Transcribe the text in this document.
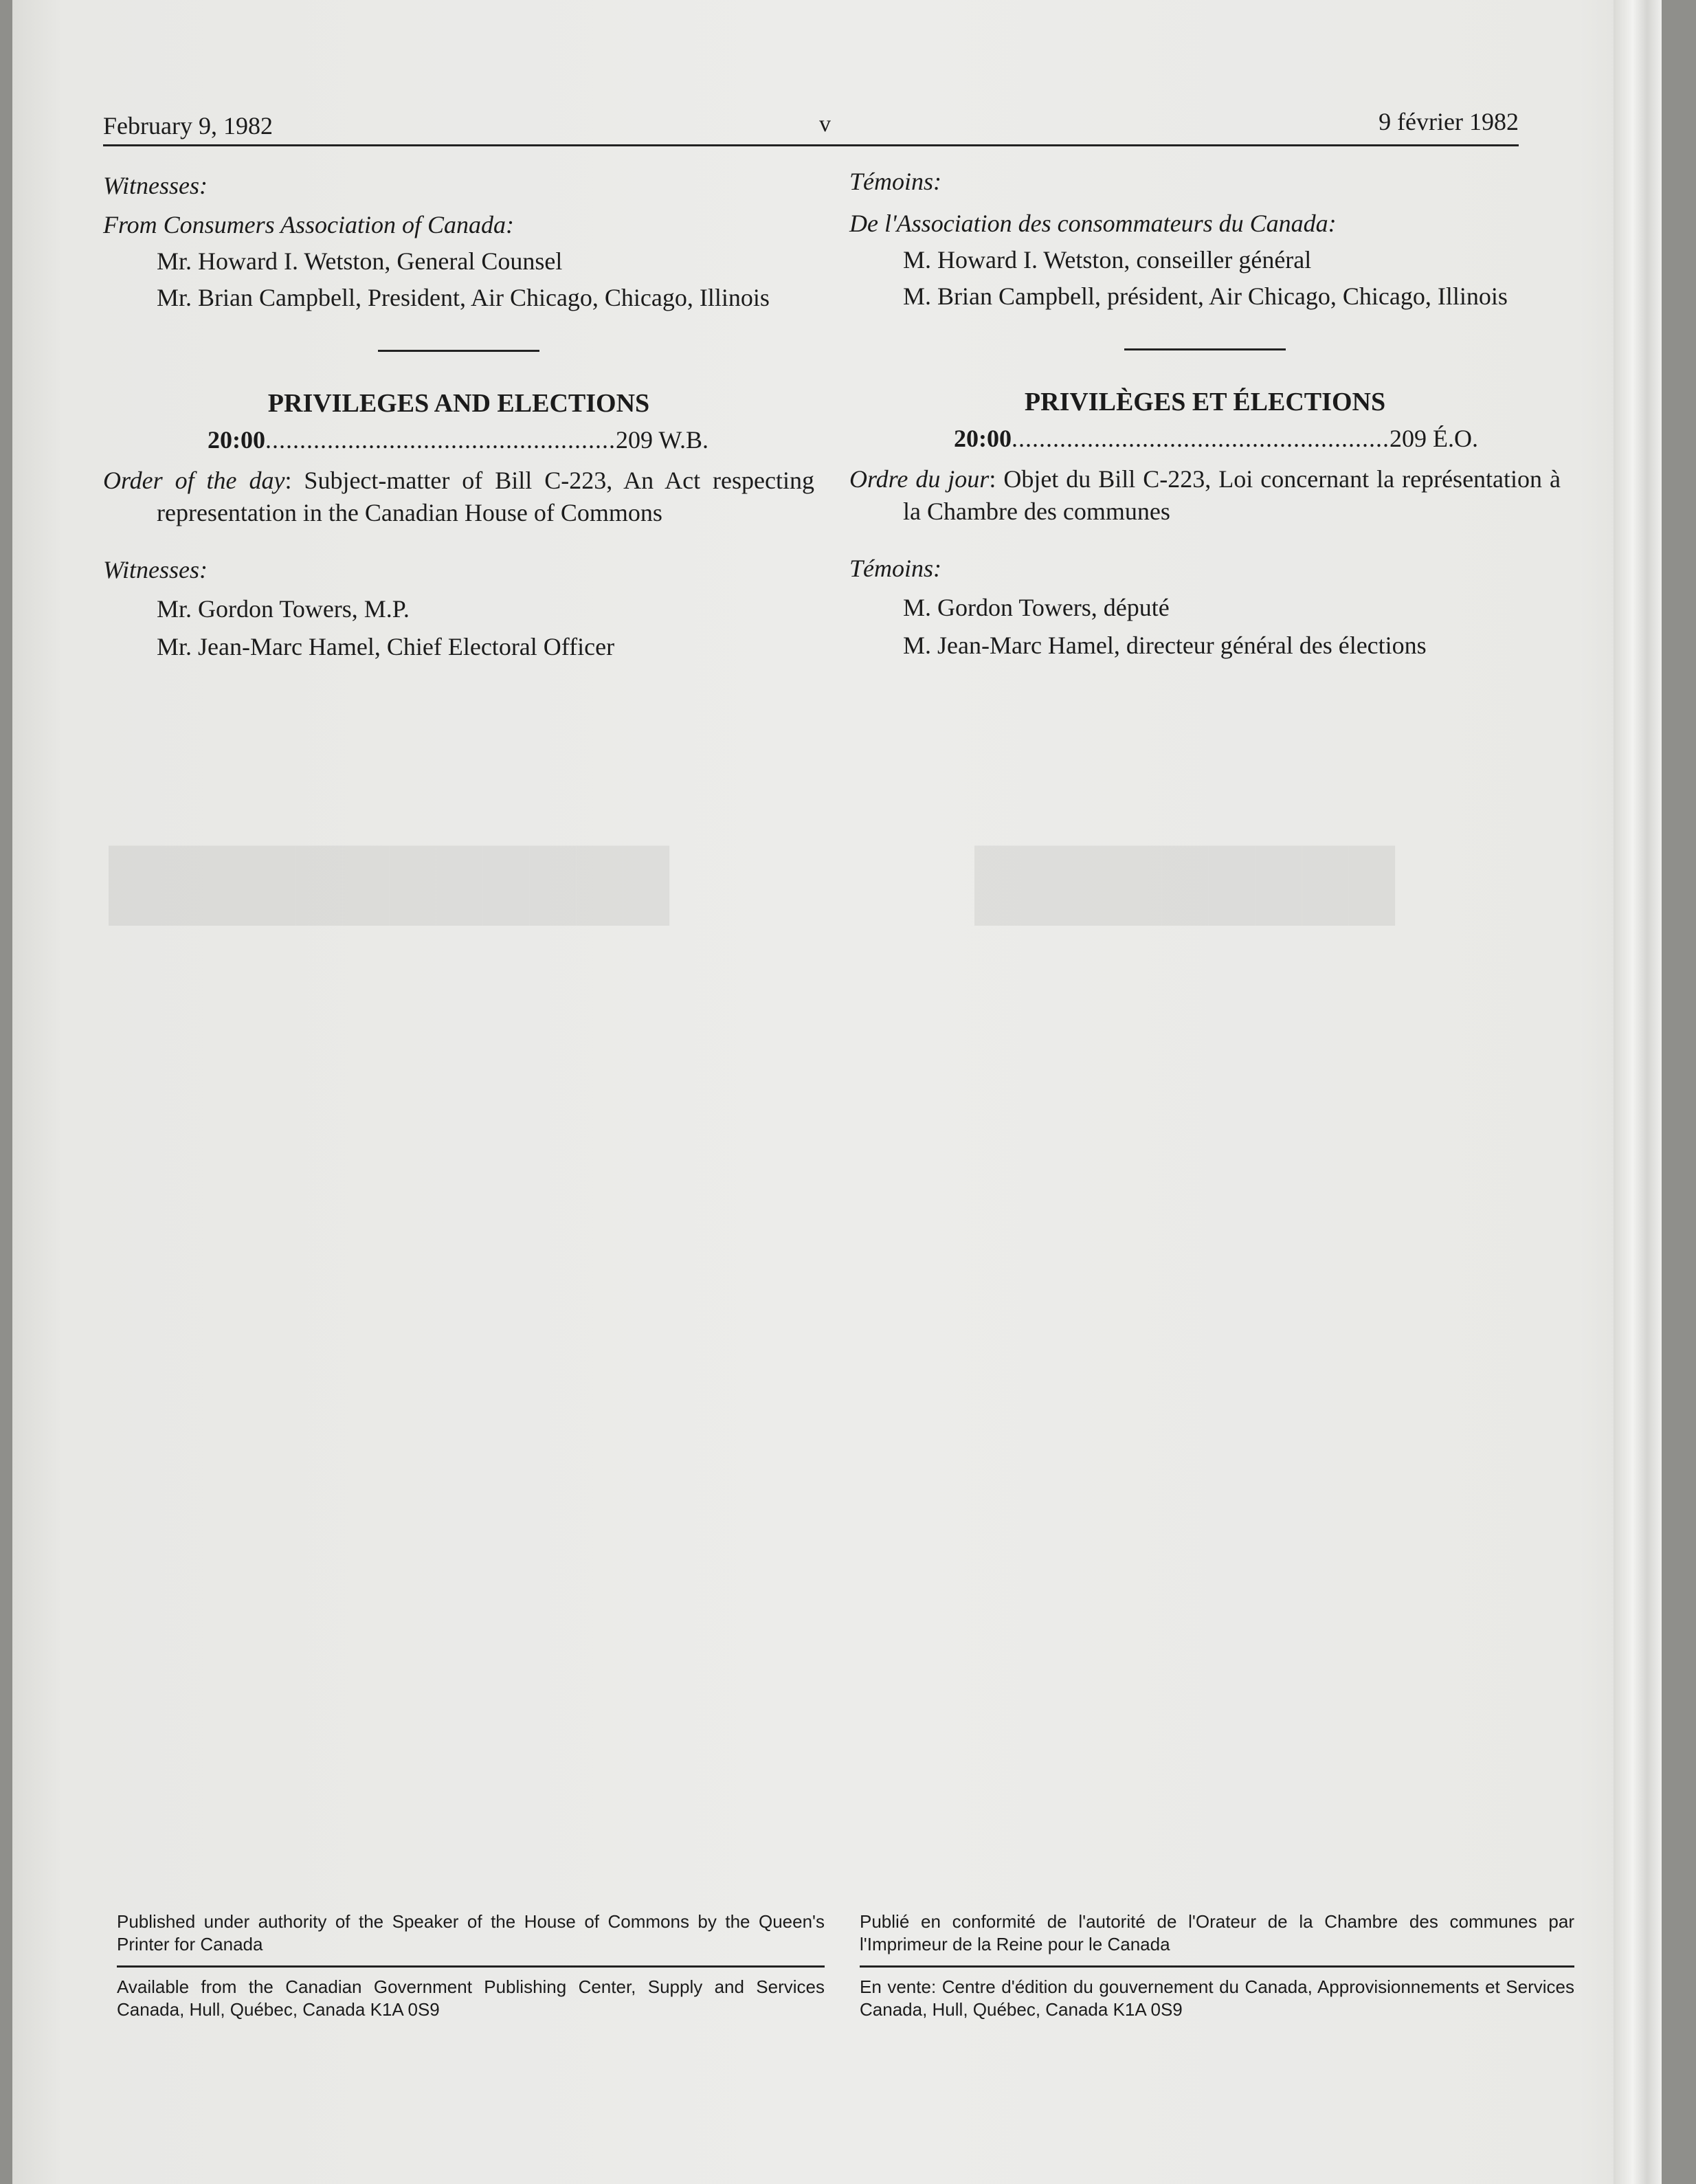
████████████	█████████
February 9, 1982	v	9 février 1982

Witnesses:

From Consumers Association of Canada:

Mr. Howard I. Wetston, General Counsel

Mr. Brian Campbell, President, Air Chicago, Chicago, Illinois

PRIVILEGES AND ELECTIONS

20:00 ................................................... 209 W.B.

Order of the day: Subject-matter of Bill C-223, An Act respecting representation in the Canadian House of Commons

Witnesses:

Mr. Gordon Towers, M.P.

Mr. Jean-Marc Hamel, Chief Electoral Officer

Témoins:

De l'Association des consommateurs du Canada:

M. Howard I. Wetston, conseiller général

M. Brian Campbell, président, Air Chicago, Chicago, Illinois

PRIVILÈGES ET ÉLECTIONS

20:00 ....................................................... 209 É.O.

Ordre du jour: Objet du Bill C-223, Loi concernant la représentation à la Chambre des communes

Témoins:

M. Gordon Towers, député

M. Jean-Marc Hamel, directeur général des élections

Published under authority of the Speaker of the House of Commons by the Queen's Printer for Canada

Available from the Canadian Government Publishing Center, Supply and Services Canada, Hull, Québec, Canada K1A 0S9

Publié en conformité de l'autorité de l'Orateur de la Chambre des communes par l'Imprimeur de la Reine pour le Canada

En vente: Centre d'édition du gouvernement du Canada, Approvisionnements et Services Canada, Hull, Québec, Canada K1A 0S9
